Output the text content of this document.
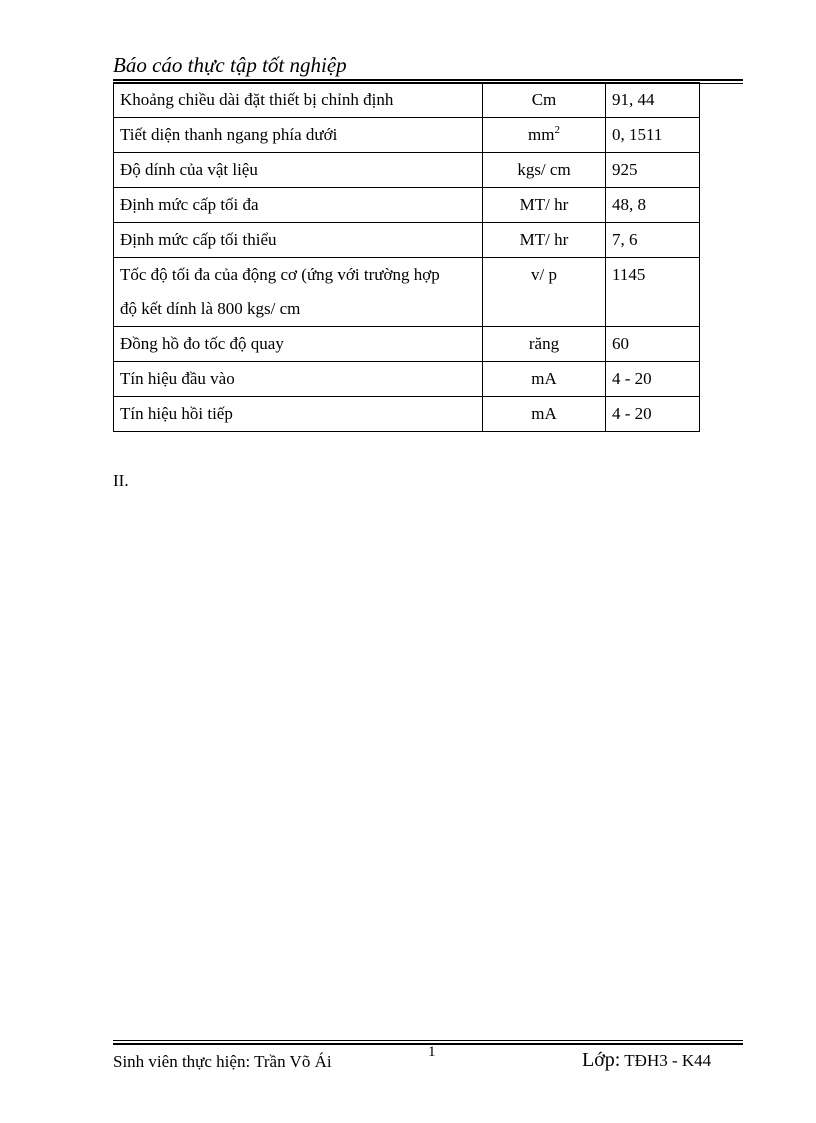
Báo cáo thực tập tốt nghiệp
Khoảng chiều dài đặt thiết bị chỉnh định	Cm	91, 44
Tiết diện thanh ngang phía dưới	$mm^2$	0, 1511
Độ dính của vật liệu	kgs/ cm	925
Định mức cấp tối đa	MT/ hr	48, 8
Định mức cấp tối thiểu	MT/ hr	7, 6

Tốc độ tối đa của động cơ (ứng với trường hợp
độ kết dính là 800 kgs/ cm	v/ p	1145
Đồng hồ đo tốc độ quay	răng	60
Tín hiệu đầu vào	mA	4 - 20
Tín hiệu hồi tiếp	mA	4 - 20
II.
Sinh viên thực hiện: Trần Võ Ái	1	Lớp: TĐH3 - K44
